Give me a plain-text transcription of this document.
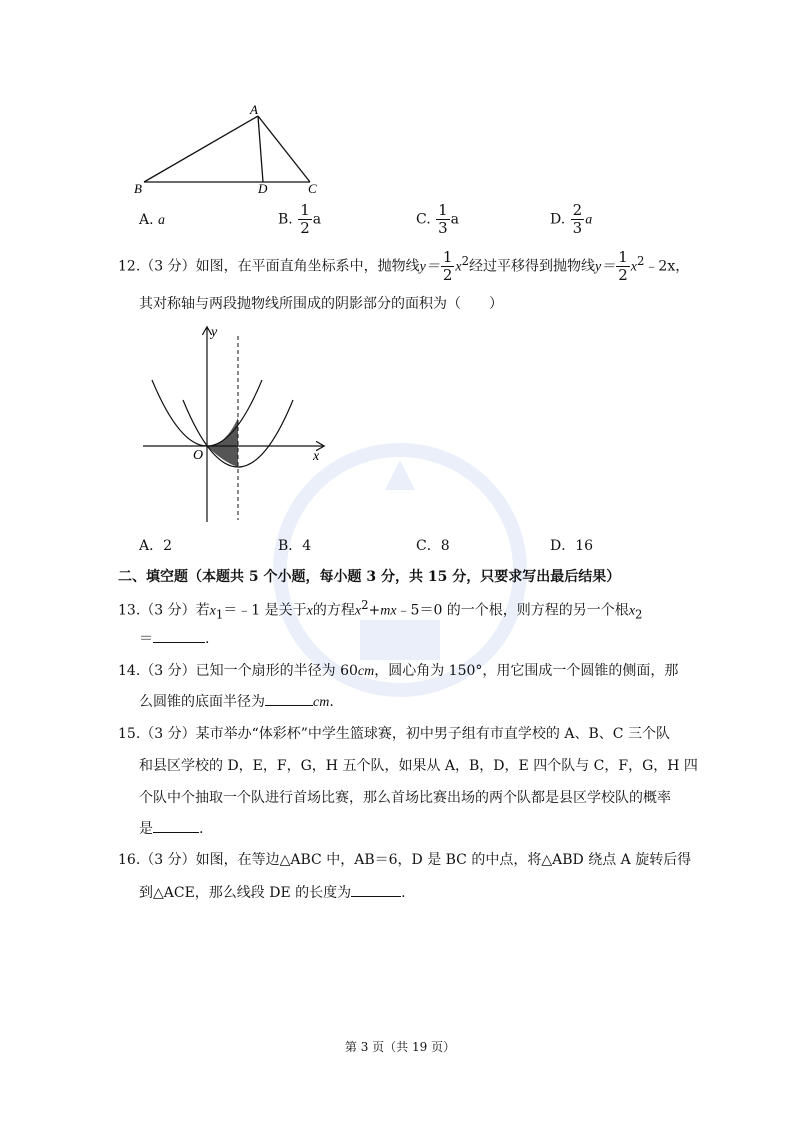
A
B	D	C
A. a	B. $\frac{1}{2}$ a	C. $\frac{1}{3}$ a	D. $\frac{2}{3}$ a
12.（3 分）如图，在平面直角坐标系中，抛物线$y= \frac{1}{2} x^2$经过平移得到抛物线$y= \frac{1}{2}$ $x^2﹣2x$，
其对称轴与两段抛物线所围成的阴影部分的面积为（　　）
y
x
O
A．2	B．4	C．8	D．16
二、填空题（本题共 5 个小题，每小题 3 分，共 15 分，只要求写出最后结果）
13.（3 分）若$x_1=﹣1$ 是关于x的方程$x^2+mx﹣5=0$ 的一个根，则方程的另一个根$x_2$
＝	.
14.（3 分）已知一个扇形的半径为 60cm，圆心角为 150°，用它围成一个圆锥的侧面，那
么圆锥的底面半径为	cm.
15.（3 分）某市举办“体彩杯”中学生篮球赛，初中男子组有市直学校的 A、B、C 三个队
和县区学校的 D，E，F，G，H 五个队，如果从 A，B，D，E 四个队与 C，F，G，H 四
个队中个抽取一个队进行首场比赛，那么首场比赛出场的两个队都是县区学校队的概率
是	.
16.（3 分）如图，在等边△ABC 中，AB＝6，D 是 BC 的中点，将△ABD 绕点 A 旋转后得
到△ACE，那么线段 DE 的长度为	.
第 3 页（共 19 页）
